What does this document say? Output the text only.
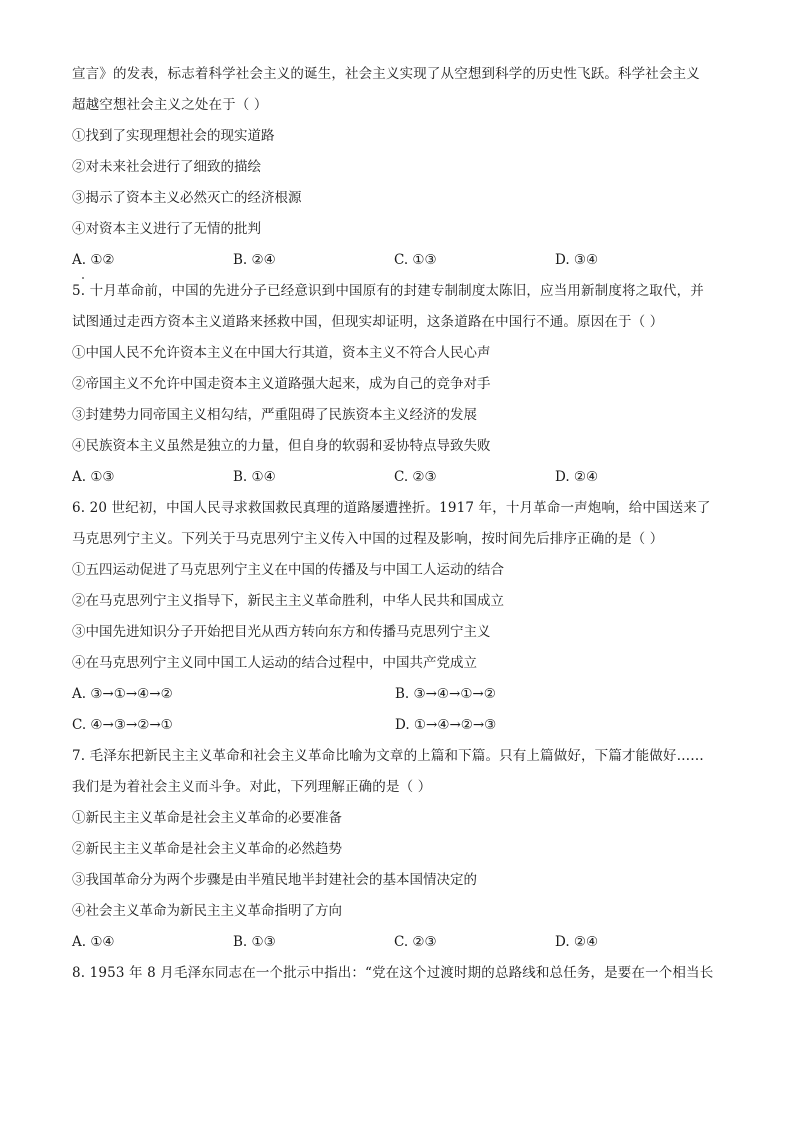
宣言》的发表，标志着科学社会主义的诞生，社会主义实现了从空想到科学的历史性飞跃。科学社会主义
超越空想社会主义之处在于（ ）
①找到了实现理想社会的现实道路
②对未来社会进行了细致的描绘
③揭示了资本主义必然灭亡的经济根源
④对资本主义进行了无情的批判
A. ①②	B. ②④	C. ①③	D. ③④
5. 十月革命前，中国的先进分子已经意识到中国原有的封建专制制度太陈旧，应当用新制度将之取代，并
试图通过走西方资本主义道路来拯救中国，但现实却证明，这条道路在中国行不通。原因在于（ ）
①中国人民不允许资本主义在中国大行其道，资本主义不符合人民心声
②帝国主义不允许中国走资本主义道路强大起来，成为自己的竞争对手
③封建势力同帝国主义相勾结，严重阻碍了民族资本主义经济的发展
④民族资本主义虽然是独立的力量，但自身的软弱和妥协特点导致失败
A. ①③	B. ①④	C. ②③	D. ②④
6. 20 世纪初，中国人民寻求救国救民真理的道路屡遭挫折。1917 年，十月革命一声炮响，给中国送来了
马克思列宁主义。下列关于马克思列宁主义传入中国的过程及影响，按时间先后排序正确的是（ ）
①五四运动促进了马克思列宁主义在中国的传播及与中国工人运动的结合
②在马克思列宁主义指导下，新民主主义革命胜利，中华人民共和国成立
③中国先进知识分子开始把目光从西方转向东方和传播马克思列宁主义
④在马克思列宁主义同中国工人运动的结合过程中，中国共产党成立
A. ③→①→④→②	B. ③→④→①→②
C. ④→③→②→①	D. ①→④→②→③
7. 毛泽东把新民主主义革命和社会主义革命比喻为文章的上篇和下篇。只有上篇做好，下篇才能做好……
我们是为着社会主义而斗争。对此，下列理解正确的是（ ）
①新民主主义革命是社会主义革命的必要准备
②新民主主义革命是社会主义革命的必然趋势
③我国革命分为两个步骤是由半殖民地半封建社会的基本国情决定的
④社会主义革命为新民主主义革命指明了方向
A. ①④	B. ①③	C. ②③	D. ②④
8. 1953 年 8 月毛泽东同志在一个批示中指出：“党在这个过渡时期的总路线和总任务，是要在一个相当长
